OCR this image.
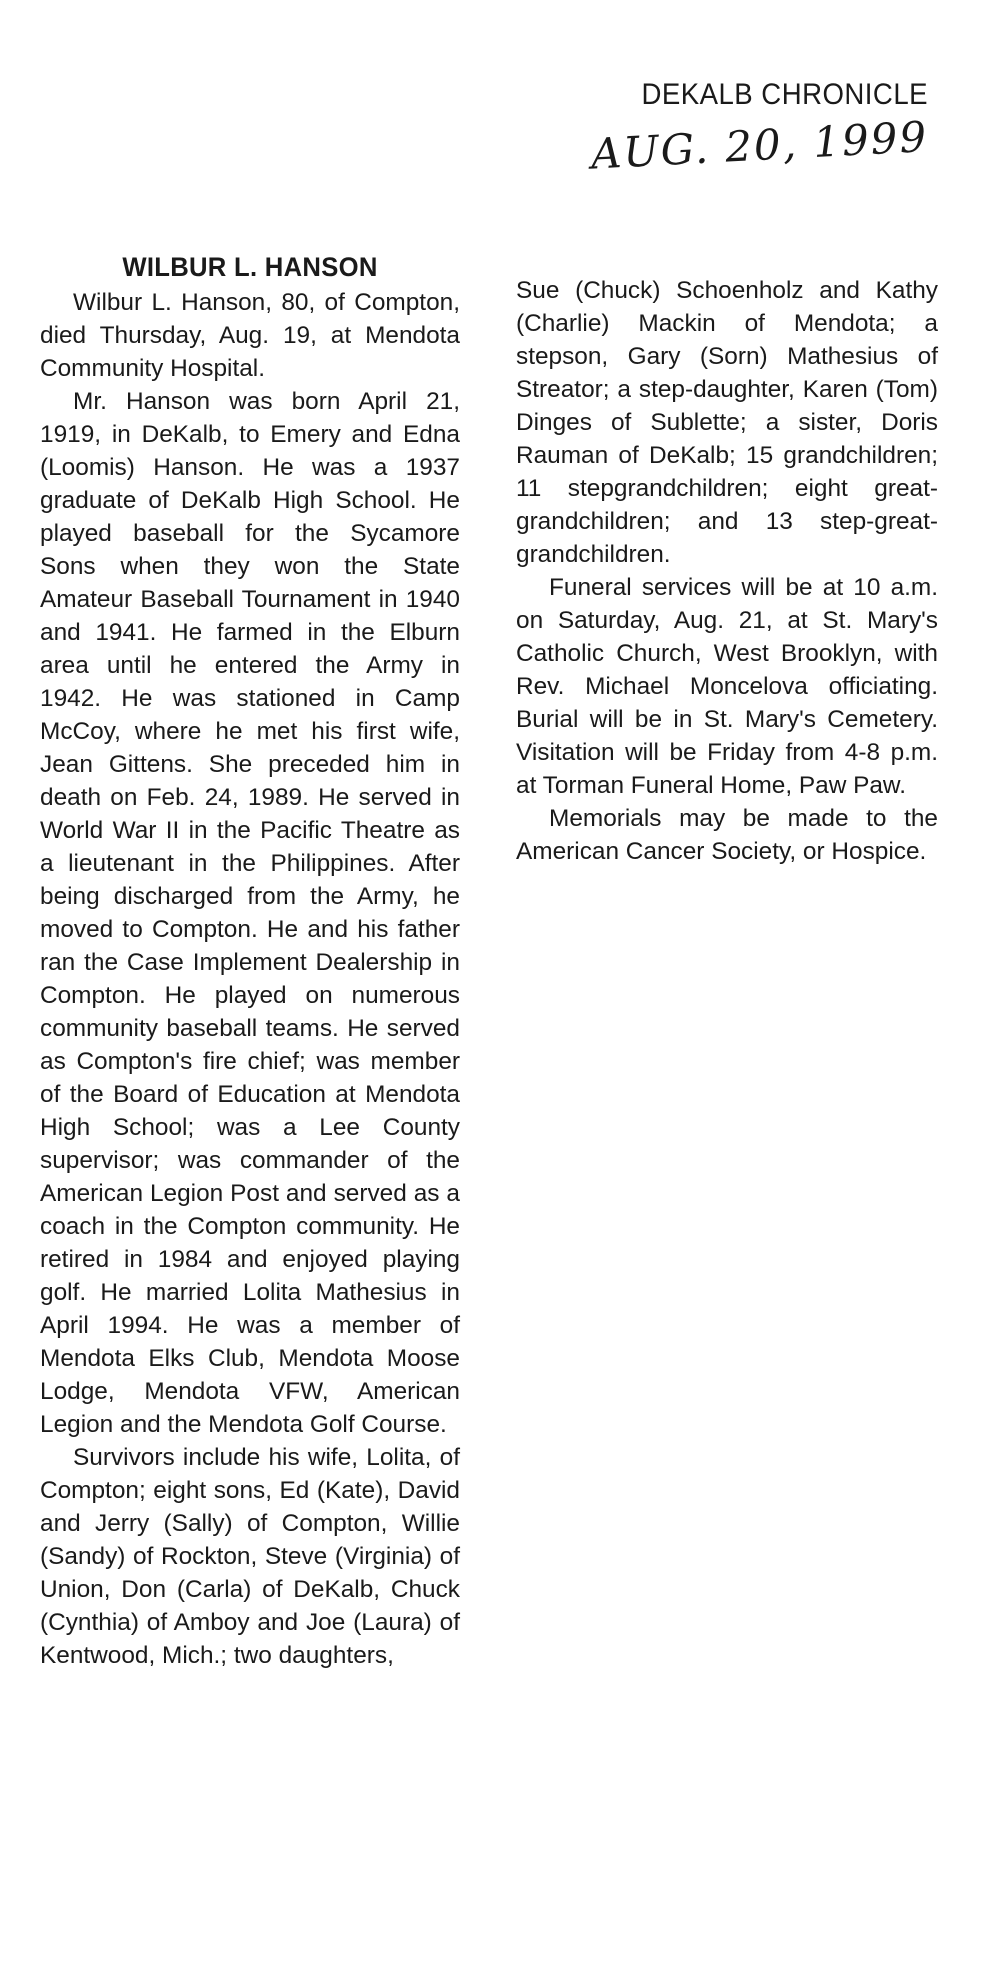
DEKALB CHRONICLE
AUG. 20, 1999
WILBUR L. HANSON

Wilbur L. Hanson, 80, of Compton, died Thursday, Aug. 19, at Mendota Community Hospital.

Mr. Hanson was born April 21, 1919, in DeKalb, to Emery and Edna (Loomis) Hanson. He was a 1937 graduate of DeKalb High School. He played baseball for the Sycamore Sons when they won the State Amateur Baseball Tournament in 1940 and 1941. He farmed in the Elburn area until he entered the Army in 1942. He was stationed in Camp McCoy, where he met his first wife, Jean Gittens. She preceded him in death on Feb. 24, 1989. He served in World War II in the Pacific Theatre as a lieutenant in the Philippines. After being discharged from the Army, he moved to Compton. He and his father ran the Case Implement Dealership in Compton. He played on numerous community baseball teams. He served as Compton's fire chief; was member of the Board of Education at Mendota High School; was a Lee County supervisor; was commander of the American Legion Post and served as a coach in the Compton community. He retired in 1984 and enjoyed playing golf. He married Lolita Mathesius in April 1994. He was a member of Mendota Elks Club, Mendota Moose Lodge, Mendota VFW, American Legion and the Mendota Golf Course.

Survivors include his wife, Lolita, of Compton; eight sons, Ed (Kate), David and Jerry (Sally) of Compton, Willie (Sandy) of Rockton, Steve (Virginia) of Union, Don (Carla) of DeKalb, Chuck (Cynthia) of Amboy and Joe (Laura) of Kentwood, Mich.; two daughters,

Sue (Chuck) Schoenholz and Kathy (Charlie) Mackin of Mendota; a stepson, Gary (Sorn) Mathesius of Streator; a step-daughter, Karen (Tom) Dinges of Sublette; a sister, Doris Rauman of DeKalb; 15 grandchildren; 11 stepgrandchildren; eight great-grandchildren; and 13 step-great-grandchildren.

Funeral services will be at 10 a.m. on Saturday, Aug. 21, at St. Mary's Catholic Church, West Brooklyn, with Rev. Michael Moncelova officiating. Burial will be in St. Mary's Cemetery. Visitation will be Friday from 4-8 p.m. at Torman Funeral Home, Paw Paw.

Memorials may be made to the American Cancer Society, or Hospice.
